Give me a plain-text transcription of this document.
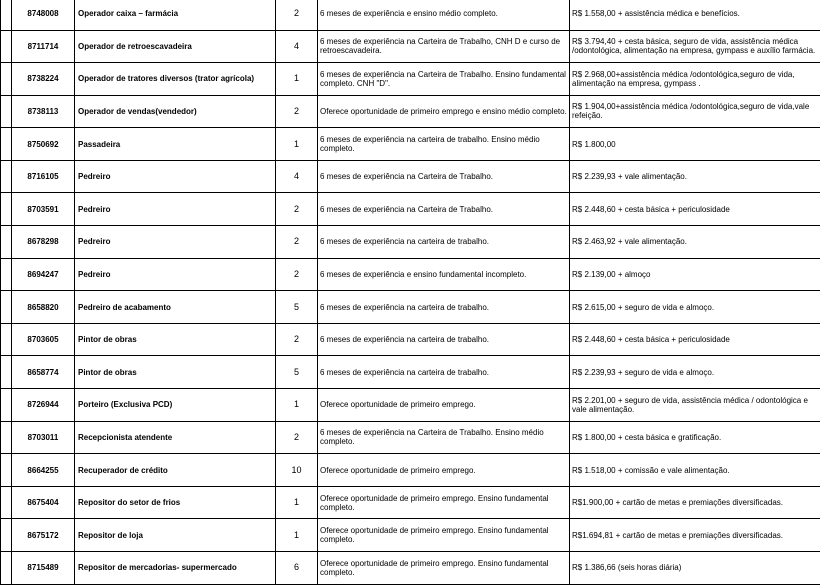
	8748008	Operador caixa – farmácia	2	6 meses de experiência e ensino médio completo.	R$ 1.558,00 + assistência médica e benefícios.
	8711714	Operador de retroescavadeira	4	6 meses de experiência na Carteira de Trabalho, CNH D e curso de retroescavadeira.	R$ 3.794,40 + cesta básica, seguro de vida, assistência médica /odontológica, alimentação na empresa, gympass e auxílio farmácia.
	8738224	Operador de tratores diversos (trator agrícola)	1	6 meses de experiência na Carteira de Trabalho. Ensino fundamental completo. CNH "D".	R$ 2.968,00+assistência médica /odontológica,seguro de vida, alimentação na empresa, gympass .
	8738113	Operador de vendas(vendedor)	2	Oferece oportunidade de primeiro emprego e ensino médio completo.	R$ 1.904,00+assistência médica /odontológica,seguro de vida,vale refeição.
	8750692	Passadeira	1	6 meses de experiência na carteira de trabalho. Ensino médio completo.	R$ 1.800,00
	8716105	Pedreiro	4	6 meses de experiência na Carteira de Trabalho.	R$ 2.239,93 + vale alimentação.
	8703591	Pedreiro	2	6 meses de experiência na Carteira de Trabalho.	R$ 2.448,60 + cesta básica + periculosidade
	8678298	Pedreiro	2	6 meses de experiência na carteira de trabalho.	R$ 2.463,92 + vale alimentação.
	8694247	Pedreiro	2	6 meses de experiência e ensino fundamental incompleto.	R$ 2.139,00 + almoço
	8658820	Pedreiro de acabamento	5	6 meses de experiência na carteira de trabalho.	R$ 2.615,00 + seguro de vida e almoço.
	8703605	Pintor de obras	2	6 meses de experiência na carteira de trabalho.	R$ 2.448,60 + cesta básica + periculosidade
	8658774	Pintor de obras	5	6 meses de experiência na carteira de trabalho.	R$ 2.239,93 + seguro de vida e almoço.
	8726944	Porteiro (Exclusiva PCD)	1	Oferece oportunidade de primeiro emprego.	R$ 2.201,00 + seguro de vida, assistência médica / odontológica e vale alimentação.
	8703011	Recepcionista atendente	2	6 meses de experiência na Carteira de Trabalho. Ensino médio completo.	R$ 1.800,00 + cesta básica e gratificação.
	8664255	Recuperador de crédito	10	Oferece oportunidade de primeiro emprego.	R$ 1.518,00 + comissão e vale alimentação.
	8675404	Repositor do setor de frios	1	Oferece oportunidade de primeiro emprego. Ensino fundamental completo.	R$1.900,00 + cartão de metas e premiações diversificadas.
	8675172	Repositor de loja	1	Oferece oportunidade de primeiro emprego. Ensino fundamental completo.	R$1.694,81 + cartão de metas e premiações diversificadas.
	8715489	Repositor de mercadorias- supermercado	6	Oferece oportunidade de primeiro emprego. Ensino fundamental completo.	R$ 1.386,66 (seis horas diária)
